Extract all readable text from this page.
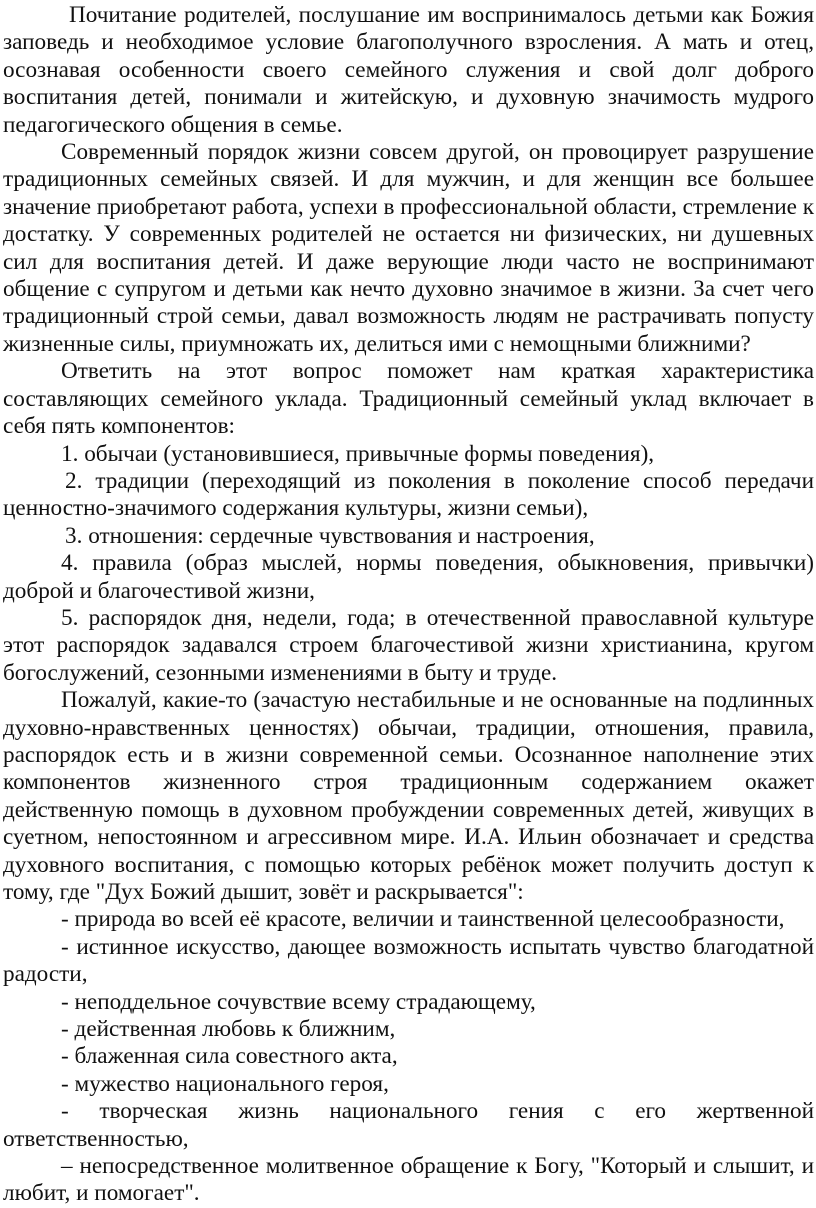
Почитание родителей, послушание им воспринималось детьми как Божия заповедь и необходимое условие благополучного взросления. А мать и отец, осознавая особенности своего семейного служения и свой долг доброго воспитания детей, понимали и житейскую, и духовную значимость мудрого педагогического общения в семье.

Современный порядок жизни совсем другой, он провоцирует разрушение традиционных семейных связей. И для мужчин, и для женщин все большее значение приобретают работа, успехи в профессиональной области, стремление к достатку. У современных родителей не остается ни физических, ни душевных сил для воспитания детей. И даже верующие люди часто не воспринимают общение с супругом и детьми как нечто духовно значимое в жизни. За счет чего традиционный строй семьи, давал возможность людям не растрачивать попусту жизненные силы, приумножать их, делиться ими с немощными ближними?

Ответить на этот вопрос поможет нам краткая характеристика составляющих семейного уклада. Традиционный семейный уклад включает в себя пять компонентов:

1. обычаи (установившиеся, привычные формы поведения),

2. традиции (переходящий из поколения в поколение способ передачи ценностно-значимого содержания культуры, жизни семьи),

3. отношения: сердечные чувствования и настроения,

4. правила (образ мыслей, нормы поведения, обыкновения, привычки) доброй и благочестивой жизни,

5. распорядок дня, недели, года; в отечественной православной культуре этот распорядок задавался строем благочестивой жизни христианина, кругом богослужений, сезонными изменениями в быту и труде.

Пожалуй, какие-то (зачастую нестабильные и не основанные на подлинных духовно-нравственных ценностях) обычаи, традиции, отношения, правила, распорядок есть и в жизни современной семьи. Осознанное наполнение этих компонентов жизненного строя традиционным содержанием окажет действенную помощь в духовном пробуждении современных детей, живущих в суетном, непостоянном и агрессивном мире. И.А. Ильин обозначает и средства духовного воспитания, с помощью которых ребёнок может получить доступ к тому, где "Дух Божий дышит, зовёт и раскрывается":

- природа во всей её красоте, величии и таинственной целесообразности,

- истинное искусство, дающее возможность испытать чувство благодатной радости,

- неподдельное сочувствие всему страдающему,

- действенная любовь к ближним,

- блаженная сила совестного акта,

- мужество национального героя,

- творческая жизнь национального гения с его жертвенной ответственностью,

– непосредственное молитвенное обращение к Богу, "Который и слышит, и любит, и помогает".
